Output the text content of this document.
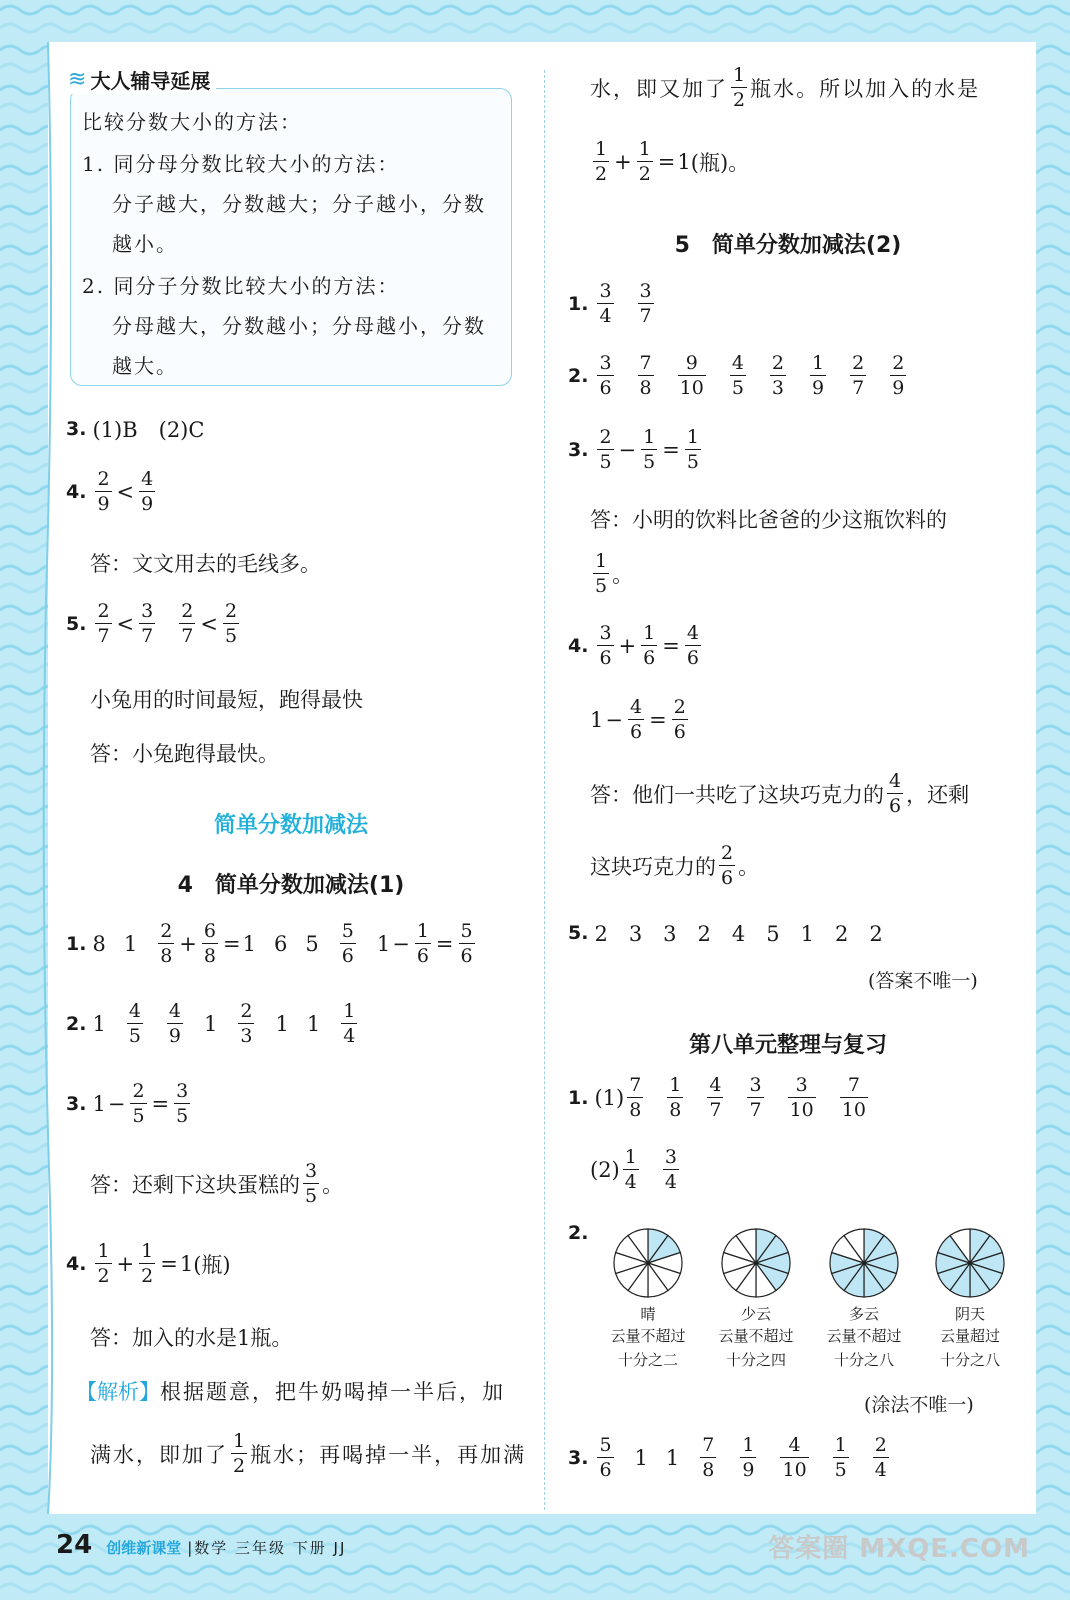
≋ 大人辅导延展
比较分数大小的方法：
1. 同分母分数比较大小的方法：
分子越大，分数越大；分子越小，分数
越小。
2. 同分子分数比较大小的方法：
分母越大，分数越小；分母越小，分数
越大。
3. (1)B　(2)C
4. $\frac{2}{9} < \frac{4}{9}$
答：文文用去的毛线多。
5. $\frac{2}{7} < \frac{3}{7} \frac{2}{7} < \frac{2}{5}$
小兔用的时间最短，跑得最快
答：小兔跑得最快。
简单分数加减法
4　简单分数加减法(1)
1. 8 $1 \frac{2}{8} + \frac{6}{8} = 1$ 6 $5 \frac{5}{6} 1 - \frac{1}{6} = \frac{5}{6}$
2. $1 \frac{4}{5} \frac{4}{9} 1 \frac{2}{3} 1$ $1 \frac{1}{4}$
3. $1 - \frac{2}{5} = \frac{3}{5}$
答：还剩下这块蛋糕的 $\frac{3}{5}$ 。
4. $\frac{1}{2} + \frac{1}{2} = 1$ (瓶)
答：加入的水是1瓶。
【解析】 根据题意，把牛奶喝掉一半后，加
满水，即加了 $\frac{1}{2}$ 瓶水；再喝掉一半，再加满
水，即又加了 $\frac{1}{2}$ 瓶水。所以加入的水是
$\frac{1}{2} + \frac{1}{2} = 1$ (瓶)。
5　简单分数加减法(2)
1. $\frac{3}{4} \frac{3}{7}$
2. $\frac{3}{6} \frac{7}{8} \frac{9}{10} \frac{4}{5} \frac{2}{3} \frac{1}{9} \frac{2}{7} \frac{2}{9}$
3. $\frac{2}{5} - \frac{1}{5} = \frac{1}{5}$
答：小明的饮料比爸爸的少这瓶饮料的
$\frac{1}{5}$ 。
4. $\frac{3}{6} + \frac{1}{6} = \frac{4}{6}$
$1 - \frac{4}{6} = \frac{2}{6}$
答：他们一共吃了这块巧克力的 $\frac{4}{6}$ ，还剩
这块巧克力的 $\frac{2}{6}$ 。
5. 2　3　3　2　4　5　1　2　2
(答案不唯一)
第八单元整理与复习
1. $(1) \frac{7}{8} \frac{1}{8} \frac{4}{7} \frac{3}{7} \frac{3}{10} \frac{7}{10}$
$(2) \frac{1}{4} \frac{3}{4}$
2.
晴
云量不超过
十分之二
少云
云量不超过
十分之四
多云
云量不超过
十分之八
阴天
云量超过
十分之八
(涂法不唯一)
3. $\frac{5}{6} 1$ $1 \frac{7}{8} \frac{1}{9} \frac{4}{10} \frac{1}{5} \frac{2}{4}$
24 创维新课堂 |数学 三年级 下册 JJ	答案圈 MXQE.COM
